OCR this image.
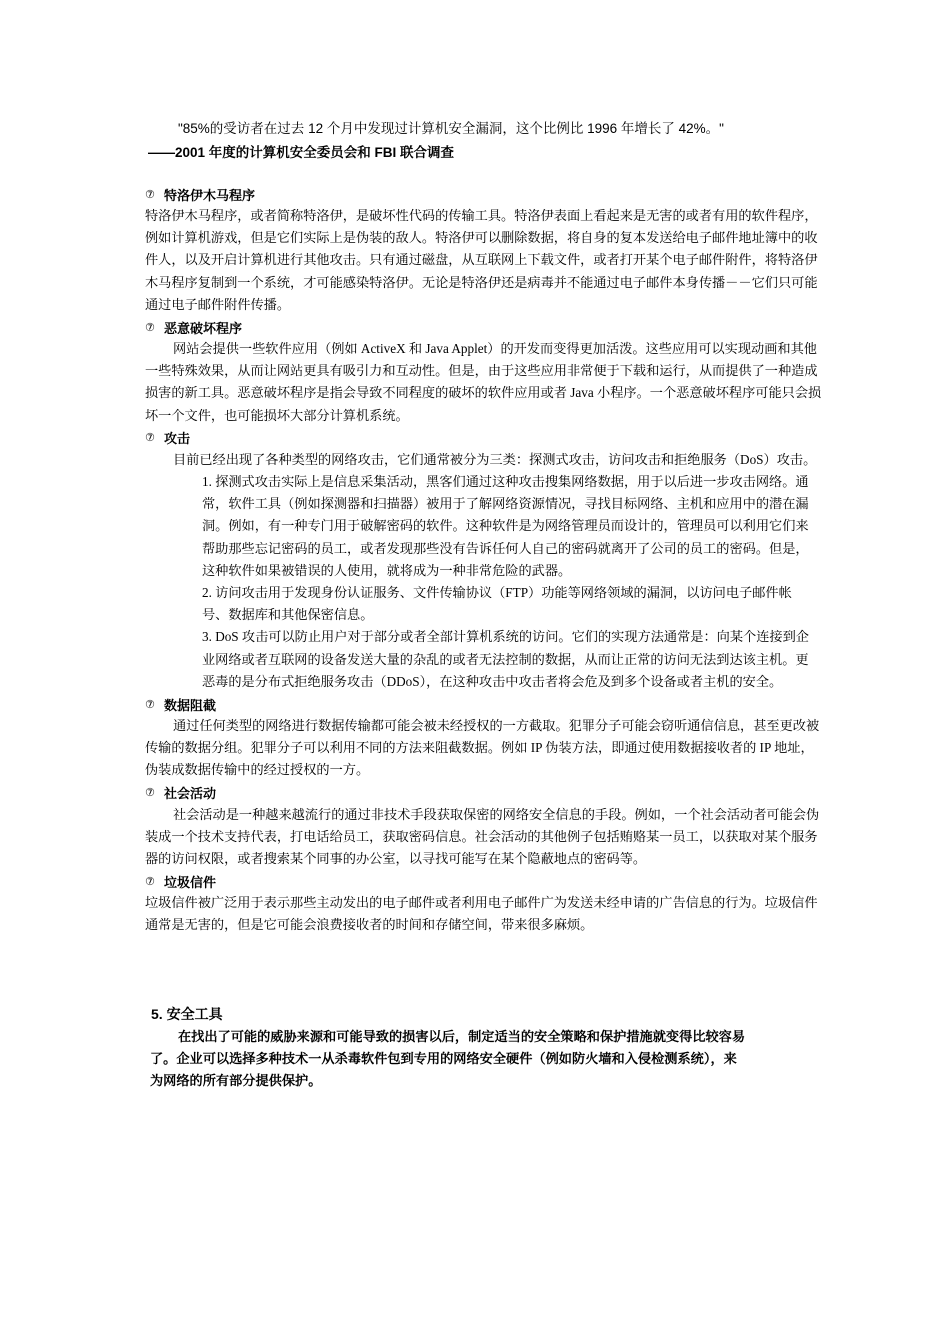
"85%的受访者在过去 12 个月中发现过计算机安全漏洞，这个比例比 1996 年增长了 42%。"
——2001 年度的计算机安全委员会和 FBI 联合调查
⑦ 特洛伊木马程序

特洛伊木马程序，或者简称特洛伊，是破坏性代码的传输工具。特洛伊表面上看起来是无害的或者有用的软件程序，例如计算机游戏，但是它们实际上是伪装的敌人。特洛伊可以删除数据，将自身的复本发送给电子邮件地址簿中的收件人，以及开启计算机进行其他攻击。只有通过磁盘，从互联网上下载文件，或者打开某个电子邮件附件，将特洛伊木马程序复制到一个系统，才可能感染特洛伊。无论是特洛伊还是病毒并不能通过电子邮件本身传播－－它们只可能通过电子邮件附件传播。

⑦ 恶意破坏程序

网站会提供一些软件应用（例如 ActiveX 和 Java Applet）的开发而变得更加活泼。这些应用可以实现动画和其他一些特殊效果，从而让网站更具有吸引力和互动性。但是，由于这些应用非常便于下载和运行，从而提供了一种造成损害的新工具。恶意破坏程序是指会导致不同程度的破坏的软件应用或者 Java 小程序。一个恶意破坏程序可能只会损坏一个文件，也可能损坏大部分计算机系统。

⑦ 攻击

目前已经出现了各种类型的网络攻击，它们通常被分为三类：探测式攻击，访问攻击和拒绝服务（DoS）攻击。

1. 探测式攻击实际上是信息采集活动，黑客们通过这种攻击搜集网络数据，用于以后进一步攻击网络。通常，软件工具（例如探测器和扫描器）被用于了解网络资源情况，寻找目标网络、主机和应用中的潜在漏洞。例如，有一种专门用于破解密码的软件。这种软件是为网络管理员而设计的，管理员可以利用它们来帮助那些忘记密码的员工，或者发现那些没有告诉任何人自己的密码就离开了公司的员工的密码。但是，这种软件如果被错误的人使用，就将成为一种非常危险的武器。

2. 访问攻击用于发现身份认证服务、文件传输协议（FTP）功能等网络领域的漏洞，以访问电子邮件帐号、数据库和其他保密信息。

3. DoS 攻击可以防止用户对于部分或者全部计算机系统的访问。它们的实现方法通常是：向某个连接到企业网络或者互联网的设备发送大量的杂乱的或者无法控制的数据，从而让正常的访问无法到达该主机。更恶毒的是分布式拒绝服务攻击（DDoS），在这种攻击中攻击者将会危及到多个设备或者主机的安全。

⑦ 数据阻截

通过任何类型的网络进行数据传输都可能会被未经授权的一方截取。犯罪分子可能会窃听通信信息，甚至更改被传输的数据分组。犯罪分子可以利用不同的方法来阻截数据。例如 IP 伪装方法，即通过使用数据接收者的 IP 地址，伪装成数据传输中的经过授权的一方。

⑦ 社会活动

社会活动是一种越来越流行的通过非技术手段获取保密的网络安全信息的手段。例如，一个社会活动者可能会伪装成一个技术支持代表，打电话给员工，获取密码信息。社会活动的其他例子包括贿赂某一员工，以获取对某个服务器的访问权限，或者搜索某个同事的办公室，以寻找可能写在某个隐蔽地点的密码等。

⑦ 垃圾信件

垃圾信件被广泛用于表示那些主动发出的电子邮件或者利用电子邮件广为发送未经申请的广告信息的行为。垃圾信件通常是无害的，但是它可能会浪费接收者的时间和存储空间，带来很多麻烦。

5. 安全工具
在找出了可能的威胁来源和可能导致的损害以后，制定适当的安全策略和保护措施就变得比较容易
了。企业可以选择多种技术一从杀毒软件包到专用的网络安全硬件（例如防火墙和入侵检测系统），来
为网络的所有部分提供保护。
